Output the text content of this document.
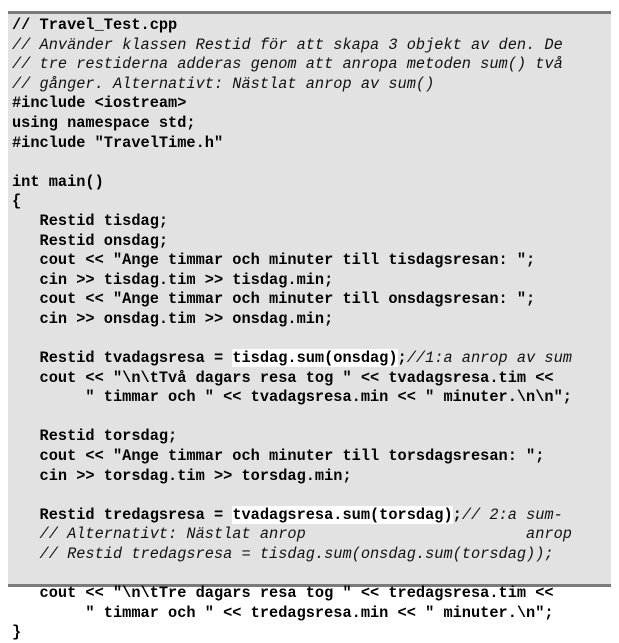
// Travel_Test.cpp
// Använder klassen Restid för att skapa 3 objekt av den. De
// tre restiderna adderas genom att anropa metoden sum() två
// gånger. Alternativt: Nästlat anrop av sum()
#include <iostream>
using namespace std;
#include "TravelTime.h"
int main()
{
Restid tisdag;
Restid onsdag;
cout << "Ange timmar och minuter till tisdagsresan: ";
cin >> tisdag.tim >> tisdag.min;
cout << "Ange timmar och minuter till onsdagsresan: ";
cin >> onsdag.tim >> onsdag.min;
Restid tvadagsresa = tisdag.sum(onsdag);//1:a anrop av sum
cout << "\n\tTvå dagars resa tog " << tvadagsresa.tim <<
" timmar och " << tvadagsresa.min << " minuter.\n\n";
Restid torsdag;
cout << "Ange timmar och minuter till torsdagsresan: ";
cin >> torsdag.tim >> torsdag.min;
Restid tredagsresa = tvadagsresa.sum(torsdag);// 2:a sum-
// Alternativt: Nästlat anrop                        anrop
// Restid tredagsresa = tisdag.sum(onsdag.sum(torsdag));
cout << "\n\tTre dagars resa tog " << tredagsresa.tim <<
" timmar och " << tredagsresa.min << " minuter.\n";
}
